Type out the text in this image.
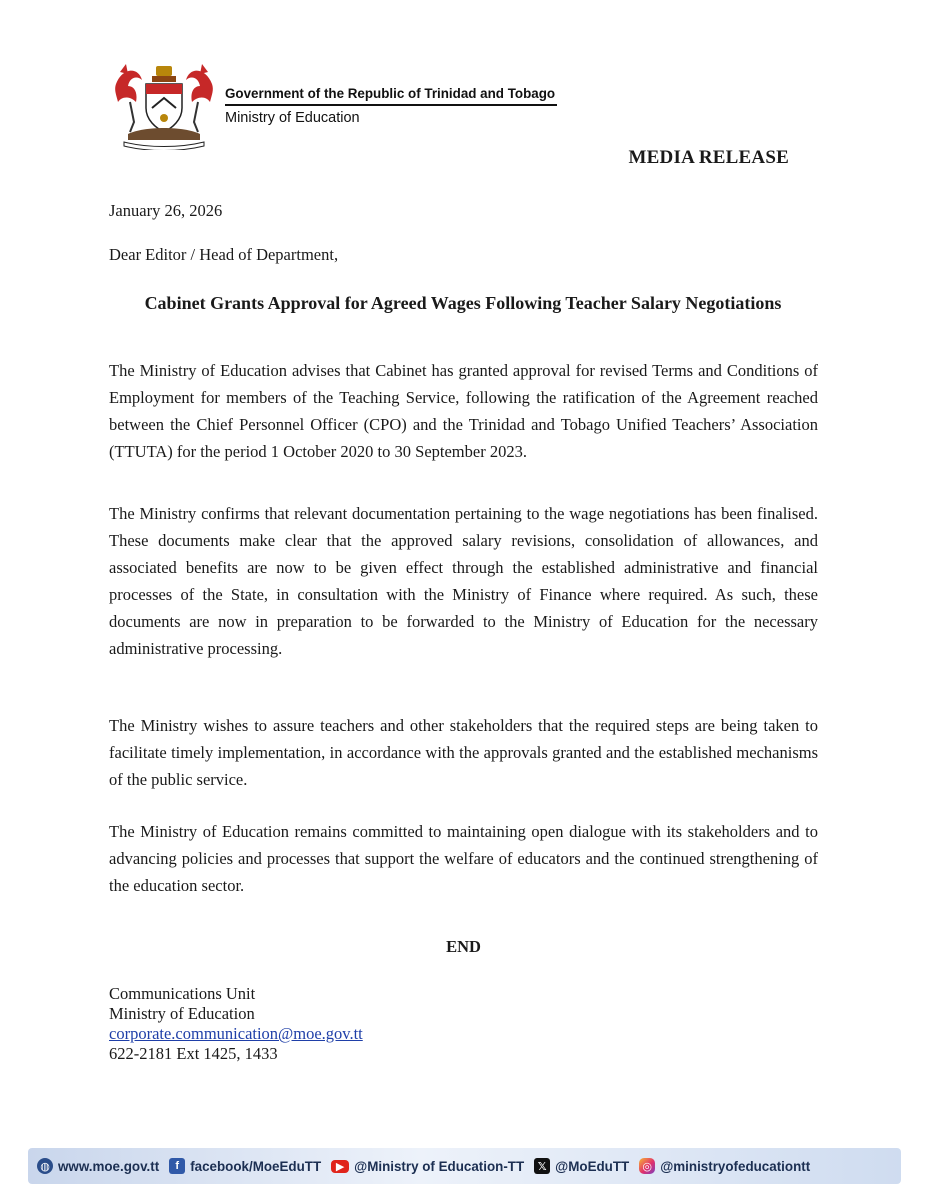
Government of the Republic of Trinidad and Tobago
Ministry of Education
MEDIA RELEASE
January 26, 2026
Dear Editor / Head of Department,
Cabinet Grants Approval for Agreed Wages Following Teacher Salary Negotiations

The Ministry of Education advises that Cabinet has granted approval for revised Terms and Conditions of Employment for members of the Teaching Service, following the ratification of the Agreement reached between the Chief Personnel Officer (CPO) and the Trinidad and Tobago Unified Teachers’ Association (TTUTA) for the period 1 October 2020 to 30 September 2023.

The Ministry confirms that relevant documentation pertaining to the wage negotiations has been finalised. These documents make clear that the approved salary revisions, consolidation of allowances, and associated benefits are now to be given effect through the established administrative and financial processes of the State, in consultation with the Ministry of Finance where required. As such, these documents are now in preparation to be forwarded to the Ministry of Education for the necessary administrative processing.

The Ministry wishes to assure teachers and other stakeholders that the required steps are being taken to facilitate timely implementation, in accordance with the approvals granted and the established mechanisms of the public service.

The Ministry of Education remains committed to maintaining open dialogue with its stakeholders and to advancing policies and processes that support the welfare of educators and the continued strengthening of the education sector.

END
Communications Unit
Ministry of Education
corporate.communication@moe.gov.tt
622-2181 Ext 1425, 1433
◍ www.moe.gov.tt	f facebook/MoeEduTT	▶ @Ministry of Education-TT	𝕏 @MoEduTT ◎ @ministryofeducationtt
